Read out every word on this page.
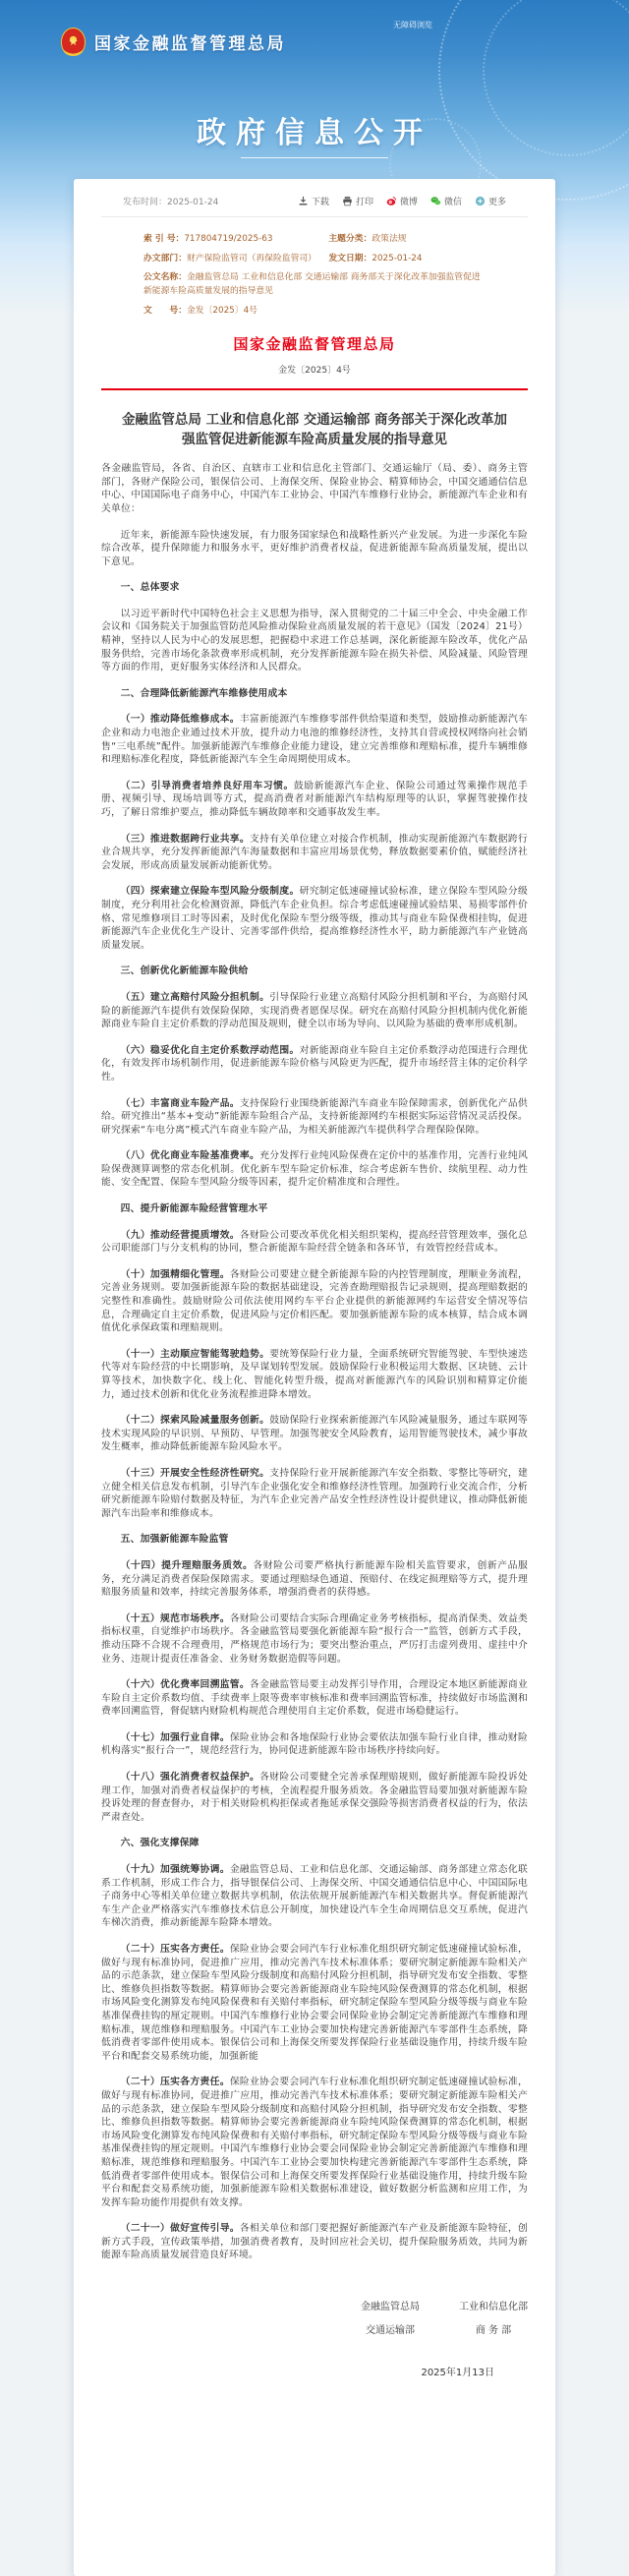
★ 国家金融监督管理总局
无障碍浏览
政府信息公开
发布时间：2025-01-24	下载	打印	微博	微信	更多
索 引 号：717804719/2025-63	主题分类：政策法规
办文部门：财产保险监管司（再保险监管司）	发文日期：2025-01-24
公文名称：金融监管总局 工业和信息化部 交通运输部 商务部关于深化改革加强监管促进新能源车险高质量发展的指导意见
文　　号：金发〔2025〕4号
国家金融监督管理总局
金发〔2025〕4号
金融监管总局 工业和信息化部 交通运输部 商务部关于深化改革加强监管促进新能源车险高质量发展的指导意见

各金融监管局，各省、自治区、直辖市工业和信息化主管部门、交通运输厅（局、委）、商务主管部门，各财产保险公司，银保信公司、上海保交所、保险业协会、精算师协会，中国交通通信信息中心、中国国际电子商务中心，中国汽车工业协会、中国汽车维修行业协会，新能源汽车企业和有关单位：

近年来，新能源车险快速发展，有力服务国家绿色和战略性新兴产业发展。为进一步深化车险综合改革，提升保障能力和服务水平，更好维护消费者权益，促进新能源车险高质量发展，提出以下意见。

一、总体要求

以习近平新时代中国特色社会主义思想为指导，深入贯彻党的二十届三中全会、中央金融工作会议和《国务院关于加强监管防范风险推动保险业高质量发展的若干意见》（国发〔2024〕21号）精神，坚持以人民为中心的发展思想，把握稳中求进工作总基调，深化新能源车险改革，优化产品服务供给，完善市场化条款费率形成机制，充分发挥新能源车险在损失补偿、风险减量、风险管理等方面的作用，更好服务实体经济和人民群众。

二、合理降低新能源汽车维修使用成本

（一）推动降低维修成本。丰富新能源汽车维修零部件供给渠道和类型，鼓励推动新能源汽车企业和动力电池企业通过技术开放，提升动力电池的维修经济性，支持其自营或授权网络向社会销售“三电系统”配件。加强新能源汽车维修企业能力建设，建立完善维修和理赔标准，提升车辆维修和理赔标准化程度，降低新能源汽车全生命周期使用成本。

（二）引导消费者培养良好用车习惯。鼓励新能源汽车企业、保险公司通过驾乘操作规范手册、视频引导、现场培训等方式，提高消费者对新能源汽车结构原理等的认识，掌握驾驶操作技巧，了解日常维护要点，推动降低车辆故障率和交通事故发生率。

（三）推进数据跨行业共享。支持有关单位建立对接合作机制，推动实现新能源汽车数据跨行业合规共享，充分发挥新能源汽车海量数据和丰富应用场景优势，释放数据要素价值，赋能经济社会发展，形成高质量发展新动能新优势。

（四）探索建立保险车型风险分级制度。研究制定低速碰撞试验标准，建立保险车型风险分级制度，充分利用社会化检测资源，降低汽车企业负担。综合考虑低速碰撞试验结果、易损零部件价格、常见维修项目工时等因素，及时优化保险车型分级等级，推动其与商业车险保费相挂钩，促进新能源汽车企业优化生产设计、完善零部件供给，提高维修经济性水平，助力新能源汽车产业链高质量发展。

三、创新优化新能源车险供给

（五）建立高赔付风险分担机制。引导保险行业建立高赔付风险分担机制和平台，为高赔付风险的新能源汽车提供有效保险保障，实现消费者愿保尽保。研究在高赔付风险分担机制内优化新能源商业车险自主定价系数的浮动范围及规则，健全以市场为导向、以风险为基础的费率形成机制。

（六）稳妥优化自主定价系数浮动范围。对新能源商业车险自主定价系数浮动范围进行合理优化，有效发挥市场机制作用，促进新能源车险价格与风险更为匹配，提升市场经营主体的定价科学性。

（七）丰富商业车险产品。支持保险行业围绕新能源汽车商业车险保障需求，创新优化产品供给。研究推出“基本+变动”新能源车险组合产品，支持新能源网约车根据实际运营情况灵活投保。研究探索“车电分离”模式汽车商业车险产品，为相关新能源汽车提供科学合理保险保障。

（八）优化商业车险基准费率。充分发挥行业纯风险保费在定价中的基准作用，完善行业纯风险保费测算调整的常态化机制。优化新车型车险定价标准，综合考虑新车售价、续航里程、动力性能、安全配置、保险车型风险分级等因素，提升定价精准度和合理性。

四、提升新能源车险经营管理水平

（九）推动经营提质增效。各财险公司要改革优化相关组织架构，提高经营管理效率，强化总公司职能部门与分支机构的协同，整合新能源车险经营全链条和各环节，有效管控经营成本。

（十）加强精细化管理。各财险公司要建立健全新能源车险的内控管理制度，理顺业务流程，完善业务规则。要加强新能源车险的数据基础建设，完善查勘理赔报告记录规则，提高理赔数据的完整性和准确性。鼓励财险公司依法使用网约车平台企业提供的新能源网约车运营安全情况等信息，合理确定自主定价系数，促进风险与定价相匹配。要加强新能源车险的成本核算，结合成本调值优化承保政策和理赔规则。

（十一）主动顺应智能驾驶趋势。要统筹保险行业力量，全面系统研究智能驾驶、车型快速迭代等对车险经营的中长期影响，及早谋划转型发展。鼓励保险行业积极运用大数据、区块链、云计算等技术，加快数字化、线上化、智能化转型升级，提高对新能源汽车的风险识别和精算定价能力，通过技术创新和优化业务流程推进降本增效。

（十二）探索风险减量服务创新。鼓励保险行业探索新能源汽车风险减量服务，通过车联网等技术实现风险的早识别、早预防、早管理。加强驾驶安全风险教育，运用智能驾驶技术，减少事故发生概率，推动降低新能源车险风险水平。

（十三）开展安全性经济性研究。支持保险行业开展新能源汽车安全指数、零整比等研究，建立健全相关信息发布机制，引导汽车企业强化安全和维修经济性管理。加强跨行业交流合作，分析研究新能源车险赔付数据及特征，为汽车企业完善产品安全性经济性设计提供建议，推动降低新能源汽车出险率和维修成本。

五、加强新能源车险监管

（十四）提升理赔服务质效。各财险公司要严格执行新能源车险相关监管要求，创新产品服务，充分满足消费者保险保障需求。要通过理赔绿色通道、预赔付、在线定损理赔等方式，提升理赔服务质量和效率，持续完善服务体系，增强消费者的获得感。

（十五）规范市场秩序。各财险公司要结合实际合理确定业务考核指标，提高消保类、效益类指标权重，自觉维护市场秩序。各金融监管局要强化新能源车险“报行合一”监管，创新方式手段，推动压降不合规不合理费用，严格规范市场行为；要突出整治重点，严厉打击虚列费用、虚挂中介业务、违规计提责任准备金、业务财务数据造假等问题。

（十六）优化费率回溯监管。各金融监管局要主动发挥引导作用，合理设定本地区新能源商业车险自主定价系数均值、手续费率上限等费率审核标准和费率回溯监管标准，持续做好市场监测和费率回溯监管，督促辖内财险机构规范合理使用自主定价系数，促进市场稳健运行。

（十七）加强行业自律。保险业协会和各地保险行业协会要依法加强车险行业自律，推动财险机构落实“报行合一”，规范经营行为，协同促进新能源车险市场秩序持续向好。

（十八）强化消费者权益保护。各财险公司要健全完善承保理赔规则，做好新能源车险投诉处理工作，加强对消费者权益保护的考核，全流程提升服务质效。各金融监管局要加强对新能源车险投诉处理的督查督办，对于相关财险机构拒保或者拖延承保交强险等损害消费者权益的行为，依法严肃查处。

六、强化支撑保障

（十九）加强统筹协调。金融监管总局、工业和信息化部、交通运输部、商务部建立常态化联系工作机制，形成工作合力，指导银保信公司、上海保交所、中国交通通信信息中心、中国国际电子商务中心等相关单位建立数据共享机制，依法依规开展新能源汽车相关数据共享。督促新能源汽车生产企业严格落实汽车维修技术信息公开制度，加快建设汽车全生命周期信息交互系统，促进汽车梯次消费，推动新能源车险降本增效。

（二十）压实各方责任。保险业协会要会同汽车行业标准化组织研究制定低速碰撞试验标准，做好与现有标准协同，促进推广应用，推动完善汽车技术标准体系；要研究制定新能源车险相关产品的示范条款，建立保险车型风险分级制度和高赔付风险分担机制，指导研究发布安全指数、零整比、维修负担指数等数据。精算师协会要完善新能源商业车险纯风险保费测算的常态化机制，根据市场风险变化测算发布纯风险保费和有关赔付率指标，研究制定保险车型风险分级等级与商业车险基准保费挂钩的厘定规则。中国汽车维修行业协会要会同保险业协会制定完善新能源汽车维修和理赔标准，规范维修和理赔服务。中国汽车工业协会要加快构建完善新能源汽车零部件生态系统，降低消费者零部件使用成本。银保信公司和上海保交所要发挥保险行业基础设施作用，持续升级车险平台和配套交易系统功能，加强新能

（二十）压实各方责任。保险业协会要会同汽车行业标准化组织研究制定低速碰撞试验标准，做好与现有标准协同，促进推广应用，推动完善汽车技术标准体系；要研究制定新能源车险相关产品的示范条款，建立保险车型风险分级制度和高赔付风险分担机制，指导研究发布安全指数、零整比、维修负担指数等数据。精算师协会要完善新能源商业车险纯风险保费测算的常态化机制，根据市场风险变化测算发布纯风险保费和有关赔付率指标，研究制定保险车型风险分级等级与商业车险基准保费挂钩的厘定规则。中国汽车维修行业协会要会同保险业协会制定完善新能源汽车维修和理赔标准，规范维修和理赔服务。中国汽车工业协会要加快构建完善新能源汽车零部件生态系统，降低消费者零部件使用成本。银保信公司和上海保交所要发挥保险行业基础设施作用，持续升级车险平台和配套交易系统功能，加强新能源车险相关数据标准建设，做好数据分析监测和应用工作，为发挥车险功能作用提供有效支撑。

（二十一）做好宣传引导。各相关单位和部门要把握好新能源汽车产业及新能源车险特征，创新方式手段，宣传政策举措，加强消费者教育，及时回应社会关切，提升保险服务质效，共同为新能源车险高质量发展营造良好环境。

金融监管总局	工业和信息化部
交通运输部	商 务 部
2025年1月13日
